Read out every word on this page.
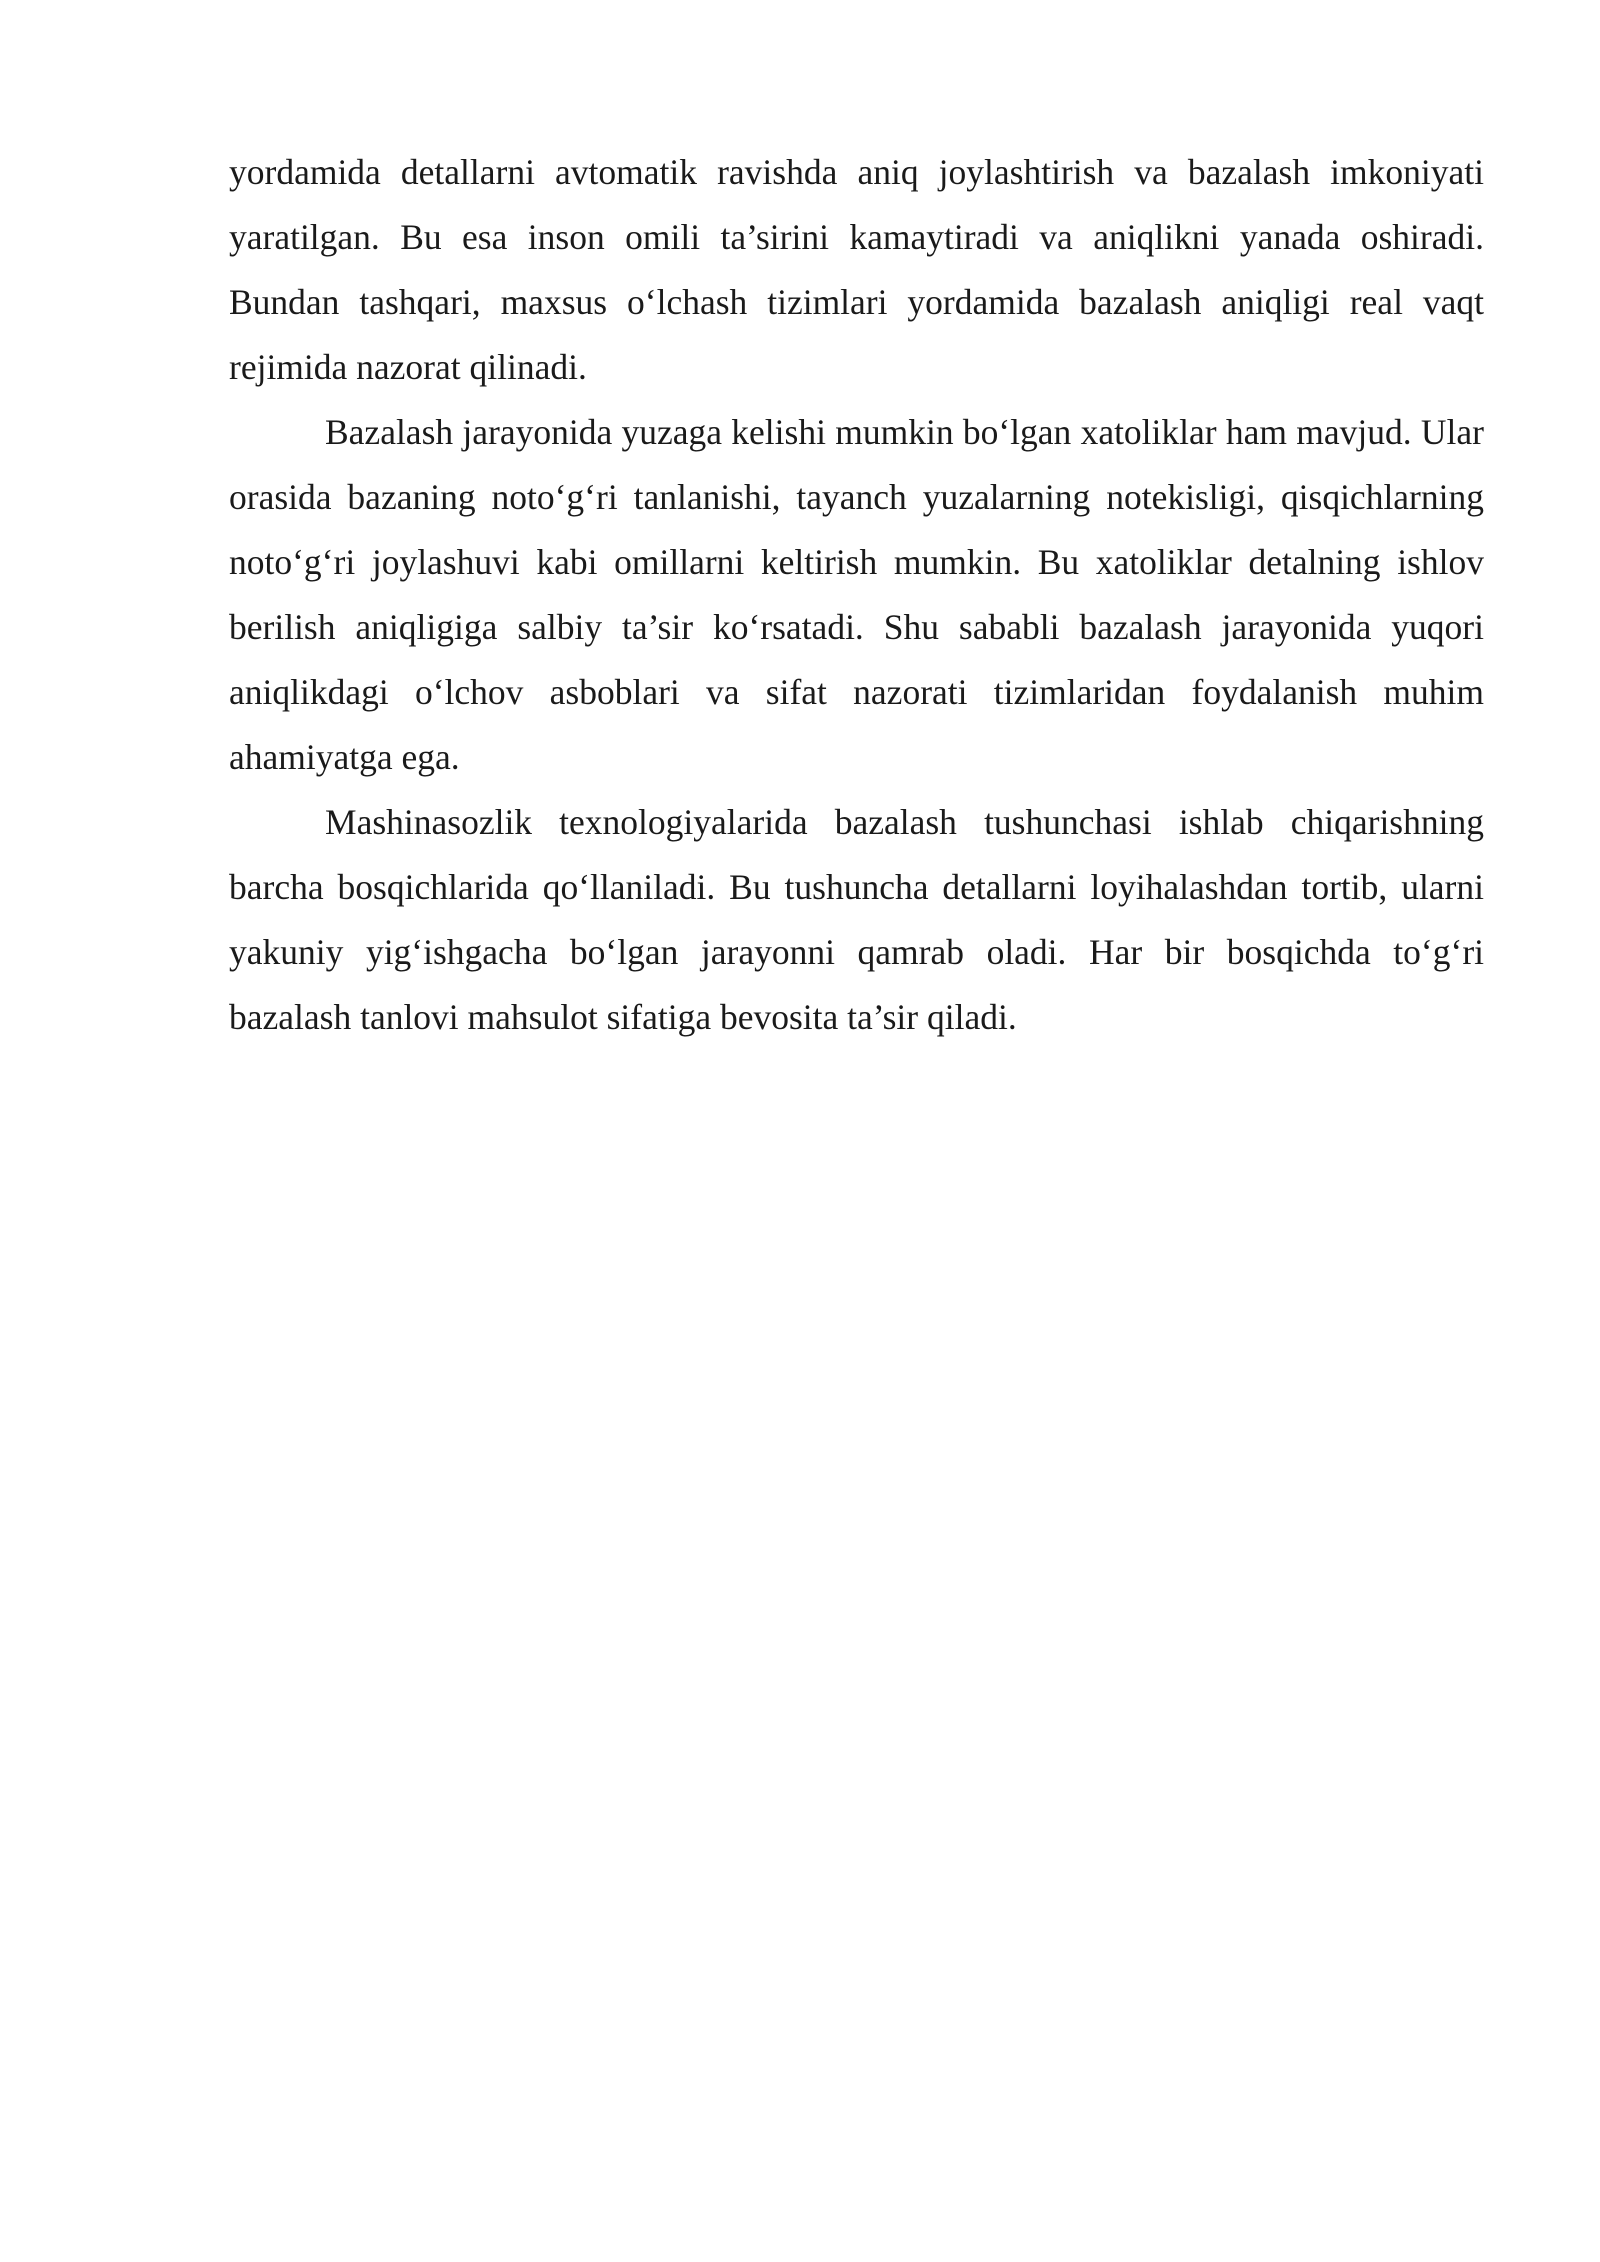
yordamida detallarni avtomatik ravishda aniq joylashtirish va bazalash imkoniyati yaratilgan. Bu esa inson omili ta’sirini kamaytiradi va aniqlikni yanada oshiradi. Bundan tashqari, maxsus o‘lchash tizimlari yordamida bazalash aniqligi real vaqt rejimida nazorat qilinadi.

Bazalash jarayonida yuzaga kelishi mumkin bo‘lgan xatoliklar ham mavjud. Ular orasida bazaning noto‘g‘ri tanlanishi, tayanch yuzalarning notekisligi, qisqichlarning noto‘g‘ri joylashuvi kabi omillarni keltirish mumkin. Bu xatoliklar detalning ishlov berilish aniqligiga salbiy ta’sir ko‘rsatadi. Shu sababli bazalash jarayonida yuqori aniqlikdagi o‘lchov asboblari va sifat nazorati tizimlaridan foydalanish muhim ahamiyatga ega.

Mashinasozlik texnologiyalarida bazalash tushunchasi ishlab chiqarishning barcha bosqichlarida qo‘llaniladi. Bu tushuncha detallarni loyihalashdan tortib, ularni yakuniy yig‘ishgacha bo‘lgan jarayonni qamrab oladi. Har bir bosqichda to‘g‘ri bazalash tanlovi mahsulot sifatiga bevosita ta’sir qiladi.
